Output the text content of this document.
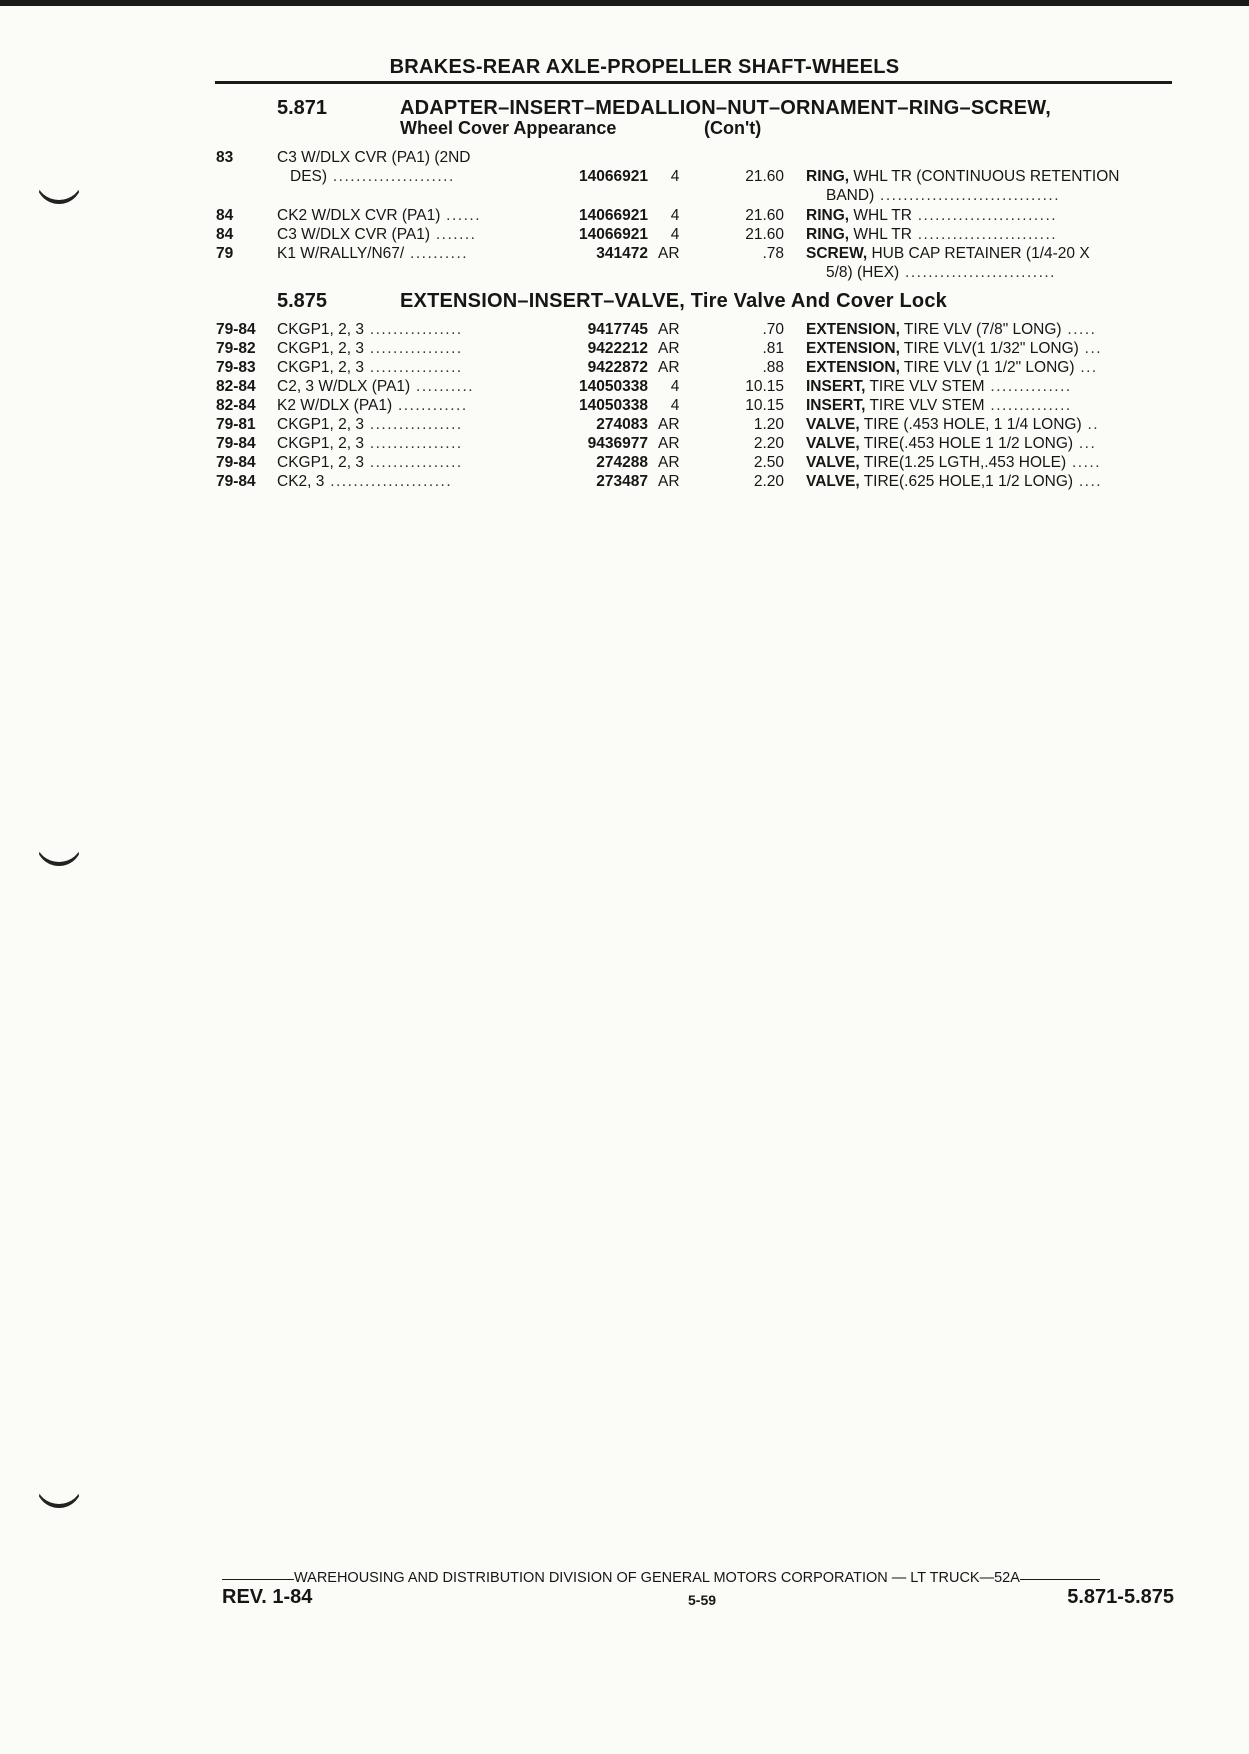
BRAKES-REAR AXLE-PROPELLER SHAFT-WHEELS
5.871	ADAPTER–INSERT–MEDALLION–NUT–ORNAMENT–RING–SCREW,
Wheel Cover Appearance	(Con't)
83	C3 W/DLX CVR (PA1) (2ND
DES) .....................	14066921	4	21.60 RING, WHL TR (CONTINUOUS RETENTION
BAND) ...............................
84	CK2 W/DLX CVR (PA1) ......	14066921	4	21.60 RING, WHL TR ........................
84	C3 W/DLX CVR (PA1) .......	14066921	4	21.60 RING, WHL TR ........................
79	K1 W/RALLY/N67/ ..........	341472 AR	.78 SCREW, HUB CAP RETAINER (1/4-20 X
5/8) (HEX) ..........................
5.875	EXTENSION–INSERT–VALVE, Tire Valve And Cover Lock
79-84	CKGP1, 2, 3 ................	9417745 AR	.70 EXTENSION, TIRE VLV (7/8" LONG) .....
79-82	CKGP1, 2, 3 ................	9422212 AR	.81 EXTENSION, TIRE VLV(1 1/32" LONG) ...
79-83	CKGP1, 2, 3 ................	9422872 AR	.88 EXTENSION, TIRE VLV (1 1/2" LONG) ...
82-84	C2, 3 W/DLX (PA1) ..........	14050338	4	10.15 INSERT, TIRE VLV STEM ..............
82-84	K2 W/DLX (PA1) ............	14050338	4	10.15 INSERT, TIRE VLV STEM ..............
79-81	CKGP1, 2, 3 ................	274083 AR	1.20 VALVE, TIRE (.453 HOLE, 1 1/4 LONG) ..
79-84	CKGP1, 2, 3 ................	9436977 AR	2.20 VALVE, TIRE(.453 HOLE 1 1/2 LONG) ...
79-84	CKGP1, 2, 3 ................	274288 AR	2.50 VALVE, TIRE(1.25 LGTH,.453 HOLE) .....
79-84	CK2, 3 .....................	273487 AR	2.20 VALVE, TIRE(.625 HOLE,1 1/2 LONG) ....
WAREHOUSING AND DISTRIBUTION DIVISION OF GENERAL MOTORS CORPORATION — LT TRUCK—52A
REV. 1-84	5-59	5.871-5.875
